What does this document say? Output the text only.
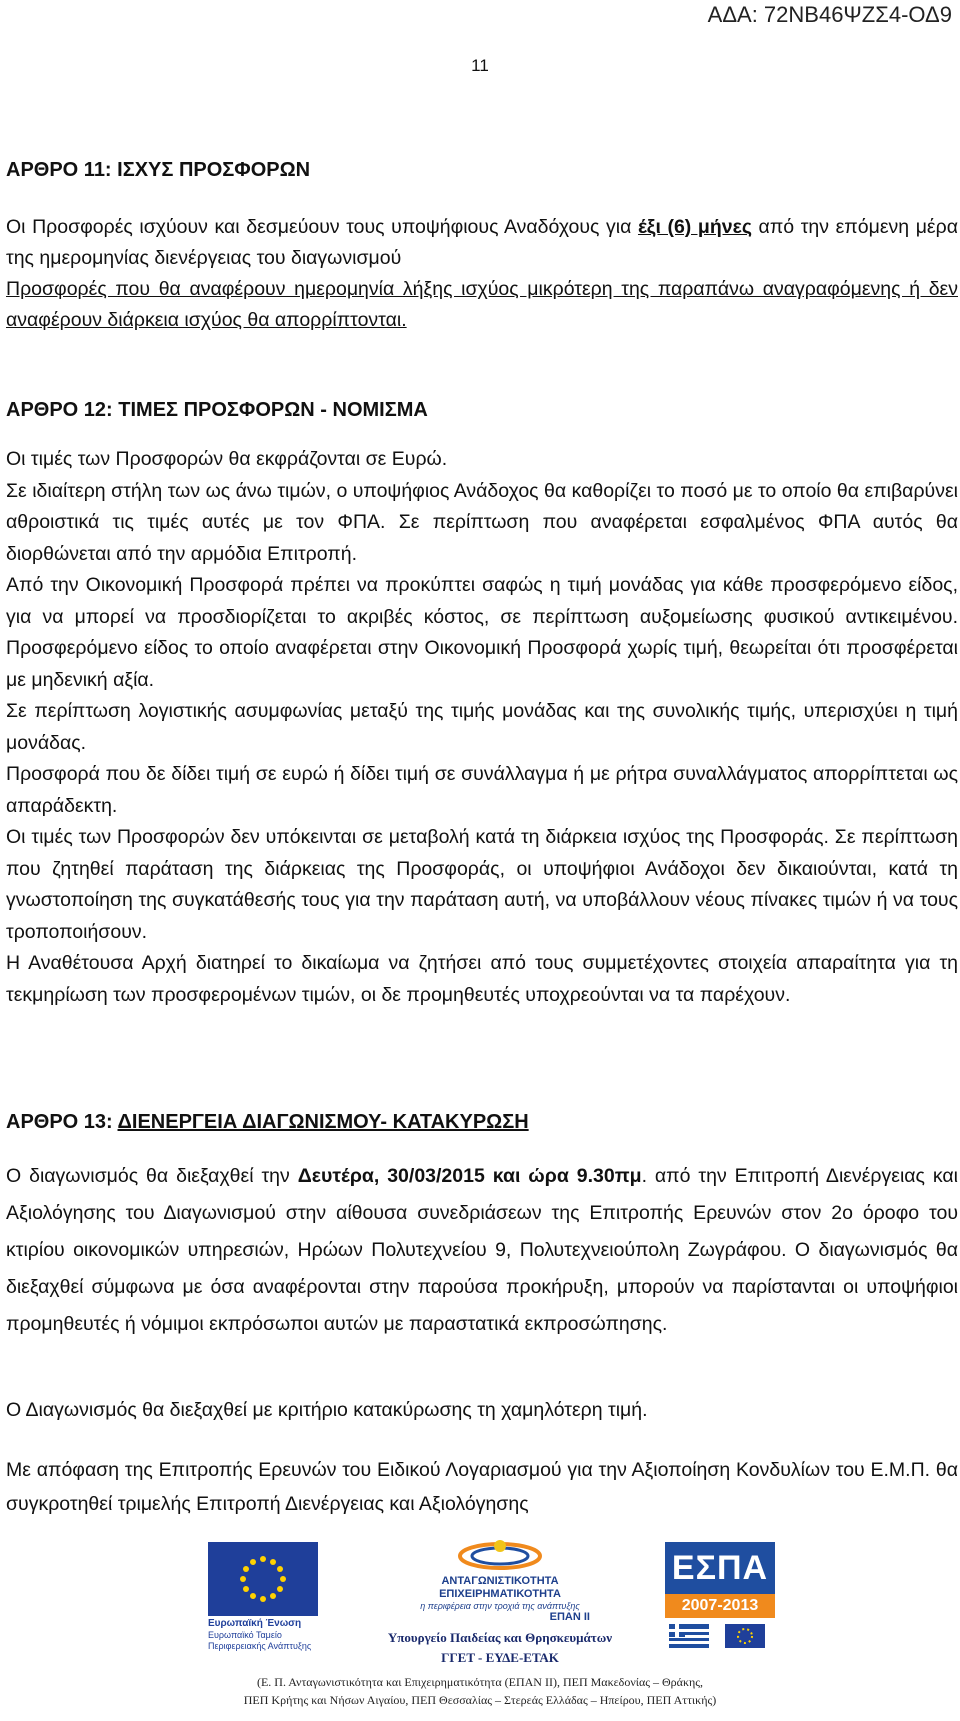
ΑΔΑ: 72ΝΒ46ΨΖΣ4-ΟΔ9
11

ΑΡΘΡΟ 11: ΙΣΧΥΣ ΠΡΟΣΦΟΡΩΝ

Οι Προσφορές ισχύουν και δεσμεύουν τους υποψήφιους Αναδόχους για έξι (6) μήνες από την επόμενη μέρα της ημερομηνίας διενέργειας του διαγωνισμού

Προσφορές που θα αναφέρουν ημερομηνία λήξης ισχύος μικρότερη της παραπάνω αναγραφόμενης ή δεν αναφέρουν διάρκεια ισχύος θα απορρίπτονται.

ΑΡΘΡΟ 12: ΤΙΜΕΣ ΠΡΟΣΦΟΡΩΝ - ΝΟΜΙΣΜΑ

Οι τιμές των Προσφορών θα εκφράζονται σε Ευρώ.

Σε ιδιαίτερη στήλη των ως άνω τιμών, ο υποψήφιος Ανάδοχος θα καθορίζει το ποσό με το οποίο θα επιβαρύνει αθροιστικά τις τιμές αυτές με τον ΦΠΑ. Σε περίπτωση που αναφέρεται εσφαλμένος ΦΠΑ αυτός θα διορθώνεται από την αρμόδια Επιτροπή.

Από την Οικονομική Προσφορά πρέπει να προκύπτει σαφώς η τιμή μονάδας για κάθε προσφερόμενο είδος, για να μπορεί να προσδιορίζεται το ακριβές κόστος, σε περίπτωση αυξομείωσης φυσικού αντικειμένου. Προσφερόμενο είδος το οποίο αναφέρεται στην Οικονομική Προσφορά χωρίς τιμή, θεωρείται ότι προσφέρεται με μηδενική αξία.

Σε περίπτωση λογιστικής ασυμφωνίας μεταξύ της τιμής μονάδας και της συνολικής τιμής, υπερισχύει η τιμή μονάδας.

Προσφορά που δε δίδει τιμή σε ευρώ ή δίδει τιμή σε συνάλλαγμα ή με ρήτρα συναλλάγματος απορρίπτεται ως απαράδεκτη.

Οι τιμές των Προσφορών δεν υπόκεινται σε μεταβολή κατά τη διάρκεια ισχύος της Προσφοράς. Σε περίπτωση που ζητηθεί παράταση της διάρκειας της Προσφοράς, οι υποψήφιοι Ανάδοχοι δεν δικαιούνται, κατά τη γνωστοποίηση της συγκατάθεσής τους για την παράταση αυτή, να υποβάλλουν νέους πίνακες τιμών ή να τους τροποποιήσουν.

Η Αναθέτουσα Αρχή διατηρεί το δικαίωμα να ζητήσει από τους συμμετέχοντες στοιχεία απαραίτητα για τη τεκμηρίωση των προσφερομένων τιμών, οι δε προμηθευτές υποχρεούνται να τα παρέχουν.

ΑΡΘΡΟ 13: ΔΙΕΝΕΡΓΕΙΑ ΔΙΑΓΩΝΙΣΜΟΥ- ΚΑΤΑΚΥΡΩΣΗ

Ο διαγωνισμός θα διεξαχθεί την Δευτέρα, 30/03/2015 και ώρα 9.30πμ. από την Επιτροπή Διενέργειας και Αξιολόγησης του Διαγωνισμού στην αίθουσα συνεδριάσεων της Επιτροπής Ερευνών στον 2ο όροφο του κτιρίου οικονομικών υπηρεσιών, Ηρώων Πολυτεχνείου 9, Πολυτεχνειούπολη Ζωγράφου. Ο διαγωνισμός θα διεξαχθεί σύμφωνα με όσα αναφέρονται στην παρούσα προκήρυξη, μπορούν να παρίστανται οι υποψήφιοι προμηθευτές ή νόμιμοι εκπρόσωποι αυτών με παραστατικά εκπροσώπησης.

Ο Διαγωνισμός θα διεξαχθεί με κριτήριο κατακύρωσης τη χαμηλότερη τιμή.

Με απόφαση της Επιτροπής Ερευνών του Ειδικού Λογαριασμού για την Αξιοποίηση Κονδυλίων του Ε.Μ.Π. θα συγκροτηθεί τριμελής Επιτροπή Διενέργειας και Αξιολόγησης

Ευρωπαϊκή Ένωση
Ευρωπαϊκό Ταμείο
Περιφερειακής Ανάπτυξης
ΑΝΤΑΓΩΝΙΣΤΙΚΟΤΗΤΑ
ΕΠΙΧΕΙΡΗΜΑΤΙΚΟΤΗΤΑ
η περιφέρεια στην τροχιά της ανάπτυξης
ΕΠΑΝ ΙΙ
Υπουργείο Παιδείας και Θρησκευμάτων
ΓΓΕΤ - ΕΥΔΕ-ΕΤΑΚ
ΕΣΠΑ
2007-2013
(Ε. Π. Ανταγωνιστικότητα και Επιχειρηματικότητα (ΕΠΑΝ ΙΙ), ΠΕΠ Μακεδονίας – Θράκης,
ΠΕΠ Κρήτης και Νήσων Αιγαίου, ΠΕΠ Θεσσαλίας – Στερεάς Ελλάδας – Ηπείρου, ΠΕΠ Αττικής)
